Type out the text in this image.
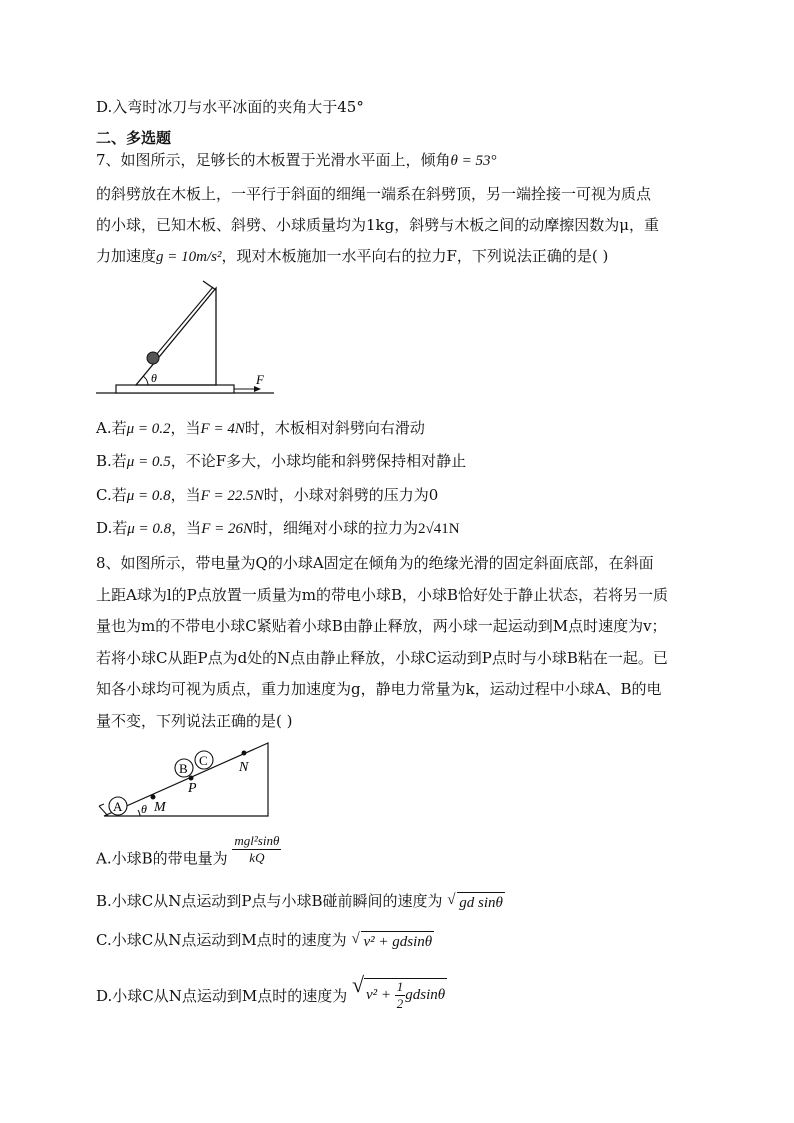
D.入弯时冰刀与水平冰面的夹角大于45°
二、多选题
7、如图所示，足够长的木板置于光滑水平面上，倾角θ = 53°
的斜劈放在木板上，一平行于斜面的细绳一端系在斜劈顶，另一端拴接一可视为质点
的小球，已知木板、斜劈、小球质量均为1kg，斜劈与木板之间的动摩擦因数为μ，重
力加速度g = 10m/s²，现对木板施加一水平向右的拉力F，下列说法正确的是( )
θ	F
A.若μ = 0.2，当F = 4N时，木板相对斜劈向右滑动
B.若μ = 0.5，不论F多大，小球均能和斜劈保持相对静止
C.若μ = 0.8，当F = 22.5N时，小球对斜劈的压力为0
D.若μ = 0.8，当F = 26N时，细绳对小球的拉力为2√41N
8、如图所示，带电量为Q的小球A固定在倾角为的绝缘光滑的固定斜面底部，在斜面
上距A球为l的P点放置一质量为m的带电小球B，小球B恰好处于静止状态，若将另一质
量也为m的不带电小球C紧贴着小球B由静止释放，两小球一起运动到M点时速度为v；
若将小球C从距P点为d处的N点由静止释放，小球C运动到P点时与小球B粘在一起。已
知各小球均可视为质点，重力加速度为g，静电力常量为k，运动过程中小球A、B的电
量不变，下列说法正确的是( )
A θ M
B
C
P
N
A.小球B的带电量为 $\frac{\text{mgl²sinθ}}{kQ}$
B.小球C从N点运动到P点与小球B碰前瞬间的速度为 √ gd sinθ
C.小球C从N点运动到M点时的速度为 √ v² + gdsinθ
D.小球C从N点运动到M点时的速度为 √ $v^2 + \frac{1}{2}$ gdsinθ
